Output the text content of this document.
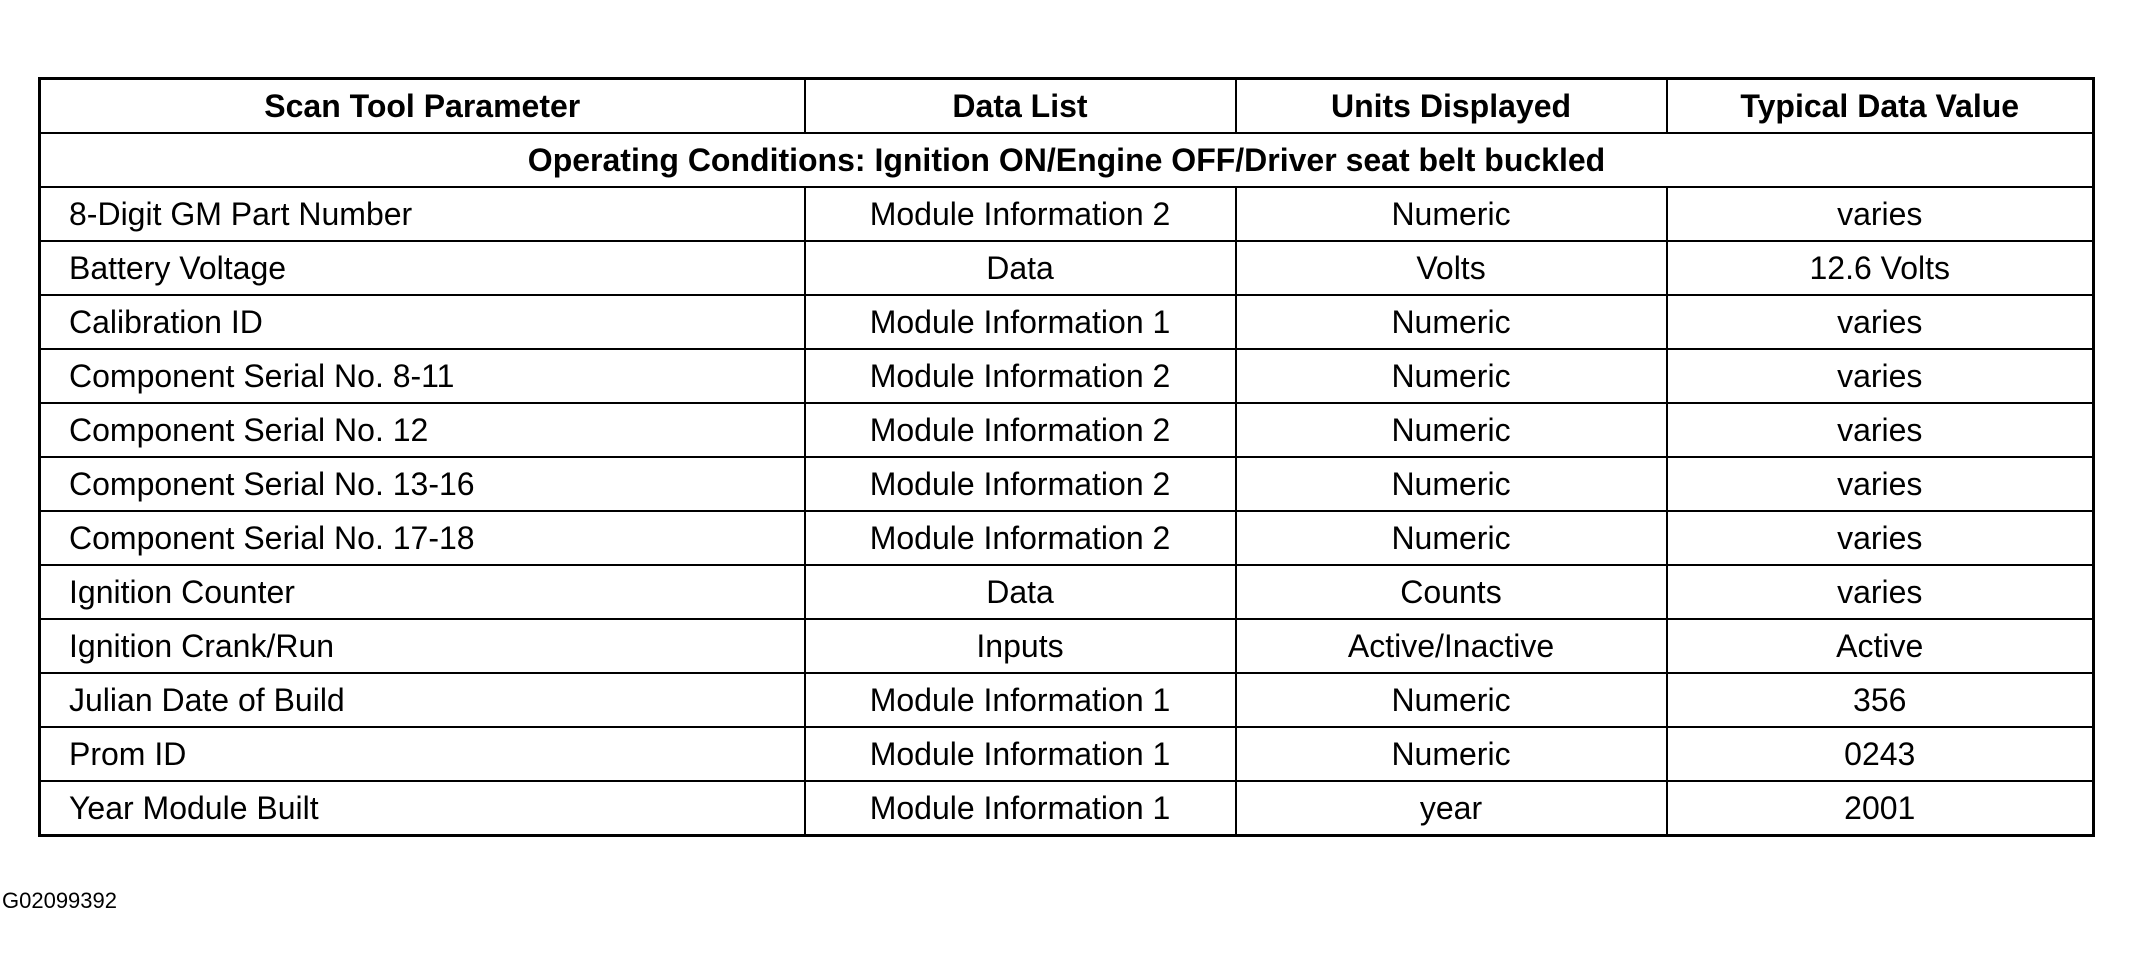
Scan Tool Parameter	Data List	Units Displayed	Typical Data Value
Operating Conditions: Ignition ON/Engine OFF/Driver seat belt buckled			
8-Digit GM Part Number	Module Information 2	Numeric	varies
Battery Voltage	Data	Volts	12.6 Volts
Calibration ID	Module Information 1	Numeric	varies
Component Serial No. 8-11	Module Information 2	Numeric	varies
Component Serial No. 12	Module Information 2	Numeric	varies
Component Serial No. 13-16	Module Information 2	Numeric	varies
Component Serial No. 17-18	Module Information 2	Numeric	varies
Ignition Counter	Data	Counts	varies
Ignition Crank/Run	Inputs	Active/Inactive	Active
Julian Date of Build	Module Information 1	Numeric	356
Prom ID	Module Information 1	Numeric	0243
Year Module Built	Module Information 1	year	2001
G02099392
